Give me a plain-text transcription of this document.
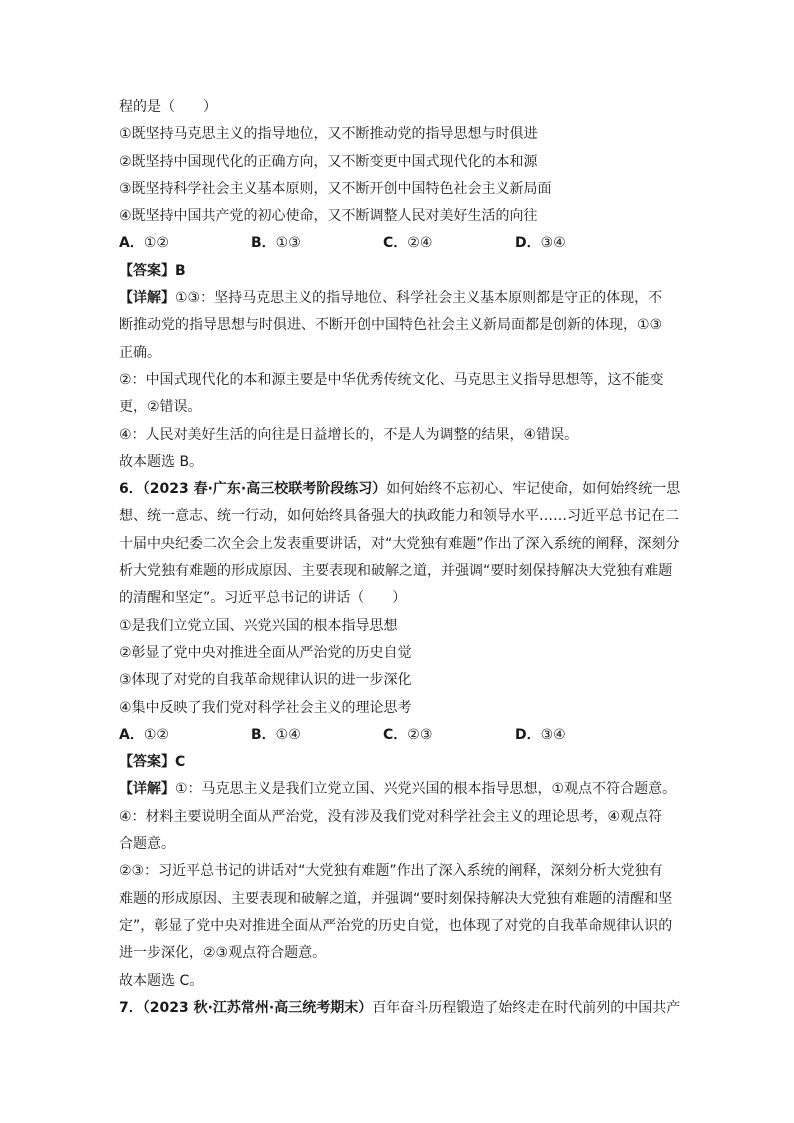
程的是（　　）
①既坚持马克思主义的指导地位，又不断推动党的指导思想与时俱进
②既坚持中国现代化的正确方向，又不断变更中国式现代化的本和源
③既坚持科学社会主义基本原则，又不断开创中国特色社会主义新局面
④既坚持中国共产党的初心使命，又不断调整人民对美好生活的向往
A．①②	B．①③	C．②④	D．③④
【答案】B
【详解】①③：坚持马克思主义的指导地位、科学社会主义基本原则都是守正的体现，不
断推动党的指导思想与时俱进、不断开创中国特色社会主义新局面都是创新的体现，①③
正确。
②：中国式现代化的本和源主要是中华优秀传统文化、马克思主义指导思想等，这不能变
更，②错误。
④：人民对美好生活的向往是日益增长的，不是人为调整的结果，④错误。
故本题选 B。
6．（2023 春·广东·高三校联考阶段练习）如何始终不忘初心、牢记使命，如何始终统一思
想、统一意志、统一行动，如何始终具备强大的执政能力和领导水平……习近平总书记在二
十届中央纪委二次全会上发表重要讲话，对“大党独有难题”作出了深入系统的阐释，深刻分
析大党独有难题的形成原因、主要表现和破解之道，并强调“要时刻保持解决大党独有难题
的清醒和坚定”。习近平总书记的讲话（　　）
①是我们立党立国、兴党兴国的根本指导思想
②彰显了党中央对推进全面从严治党的历史自觉
③体现了对党的自我革命规律认识的进一步深化
④集中反映了我们党对科学社会主义的理论思考
A．①②	B．①④	C．②③	D．③④
【答案】C
【详解】①：马克思主义是我们立党立国、兴党兴国的根本指导思想，①观点不符合题意。
④：材料主要说明全面从严治党，没有涉及我们党对科学社会主义的理论思考，④观点符
合题意。
②③：习近平总书记的讲话对“大党独有难题”作出了深入系统的阐释，深刻分析大党独有
难题的形成原因、主要表现和破解之道，并强调“要时刻保持解决大党独有难题的清醒和坚
定”，彰显了党中央对推进全面从严治党的历史自觉，也体现了对党的自我革命规律认识的
进一步深化，②③观点符合题意。
故本题选 C。
7．（2023 秋·江苏常州·高三统考期末）百年奋斗历程锻造了始终走在时代前列的中国共产
